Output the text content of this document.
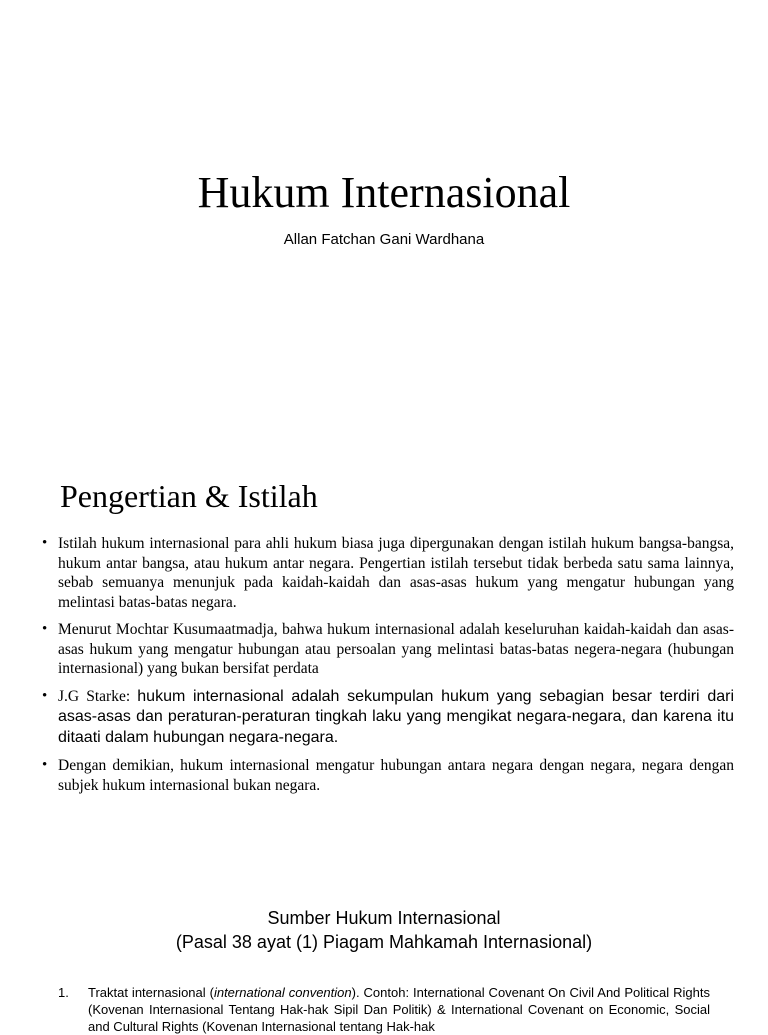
Hukum Internasional
Allan Fatchan Gani Wardhana
Pengertian & Istilah
• Istilah hukum internasional para ahli hukum biasa juga dipergunakan dengan istilah hukum bangsa-bangsa, hukum antar bangsa, atau hukum antar negara. Pengertian istilah tersebut tidak berbeda satu sama lainnya, sebab semuanya menunjuk pada kaidah-kaidah dan asas-asas hukum yang mengatur hubungan yang melintasi batas-batas negara.
• Menurut Mochtar Kusumaatmadja, bahwa hukum internasional adalah keseluruhan kaidah-kaidah dan asas-asas hukum yang mengatur hubungan atau persoalan yang melintasi batas-batas negera-negara (hubungan internasional) yang bukan bersifat perdata
• J.G Starke: hukum internasional adalah sekumpulan hukum yang sebagian besar terdiri dari asas-asas dan peraturan-peraturan tingkah laku yang mengikat negara-negara, dan karena itu ditaati dalam hubungan negara-negara.
• Dengan demikian, hukum internasional mengatur hubungan antara negara dengan negara, negara dengan subjek hukum internasional bukan negara.
Sumber Hukum Internasional
(Pasal 38 ayat (1) Piagam Mahkamah Internasional)
1. Traktat internasional (international convention). Contoh: International Covenant On Civil And Political Rights (Kovenan Internasional Tentang Hak-hak Sipil Dan Politik) & International Covenant on Economic, Social and Cultural Rights (Kovenan Internasional tentang Hak-hak
